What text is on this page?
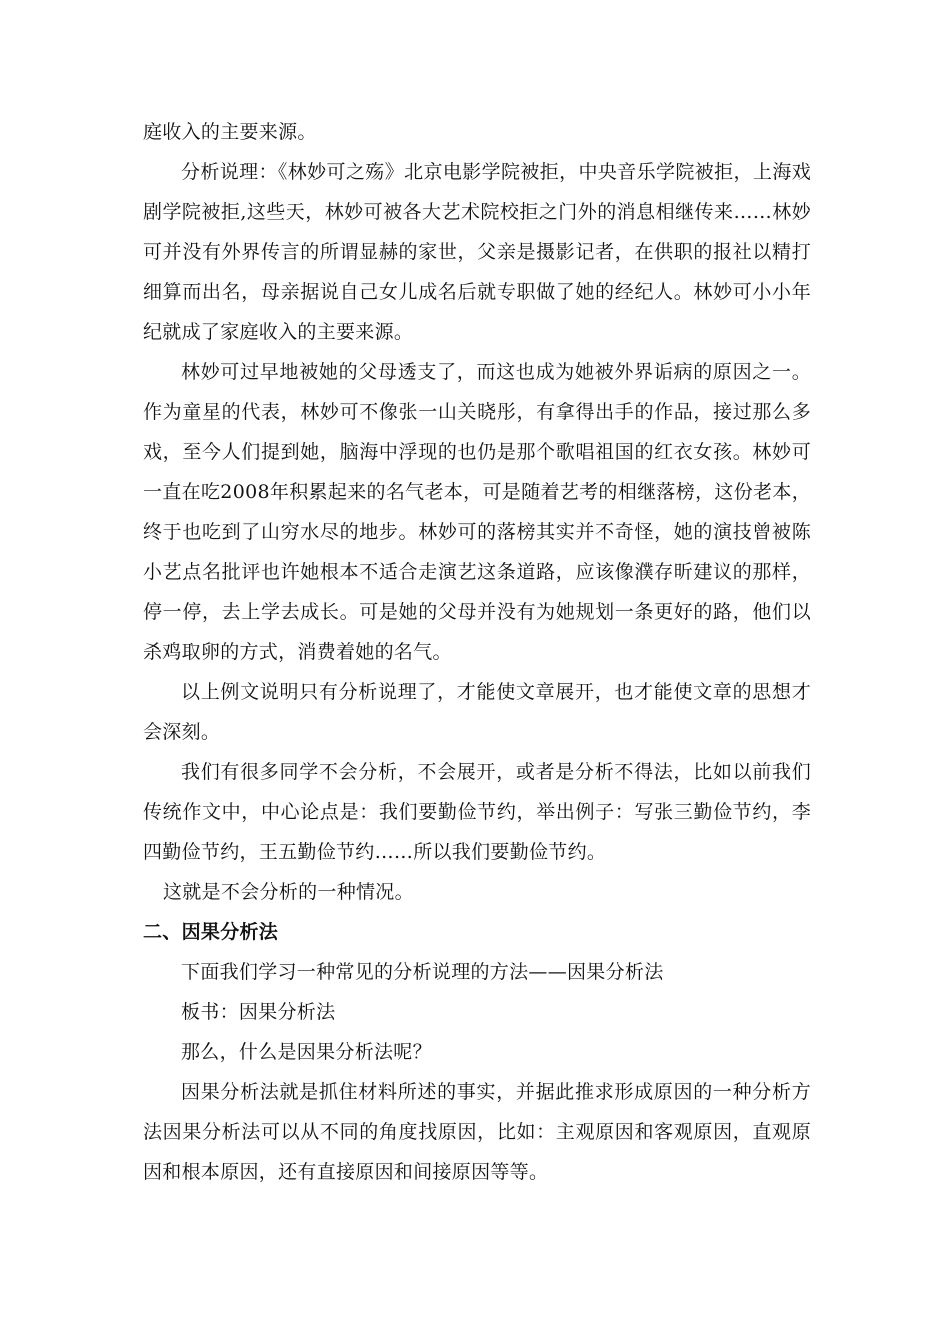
庭收入的主要来源。

分析说理：《林妙可之殇》北京电影学院被拒，中央音乐学院被拒，上海戏剧学院被拒,这些天，林妙可被各大艺术院校拒之门外的消息相继传来……林妙可并没有外界传言的所谓显赫的家世，父亲是摄影记者，在供职的报社以精打细算而出名，母亲据说自己女儿成名后就专职做了她的经纪人。林妙可小小年纪就成了家庭收入的主要来源。

林妙可过早地被她的父母透支了，而这也成为她被外界诟病的原因之一。作为童星的代表，林妙可不像张一山关晓彤，有拿得出手的作品，接过那么多戏，至今人们提到她，脑海中浮现的也仍是那个歌唱祖国的红衣女孩。林妙可一直在吃2008年积累起来的名气老本，可是随着艺考的相继落榜，这份老本，终于也吃到了山穷水尽的地步。林妙可的落榜其实并不奇怪，她的演技曾被陈小艺点名批评也许她根本不适合走演艺这条道路，应该像濮存昕建议的那样，停一停，去上学去成长。可是她的父母并没有为她规划一条更好的路，他们以杀鸡取卵的方式，消费着她的名气。

以上例文说明只有分析说理了，才能使文章展开，也才能使文章的思想才会深刻。

我们有很多同学不会分析，不会展开，或者是分析不得法，比如以前我们传统作文中，中心论点是：我们要勤俭节约，举出例子：写张三勤俭节约，李四勤俭节约，王五勤俭节约……所以我们要勤俭节约。

这就是不会分析的一种情况。

二、因果分析法

下面我们学习一种常见的分析说理的方法——因果分析法

板书：因果分析法

那么，什么是因果分析法呢？

因果分析法就是抓住材料所述的事实，并据此推求形成原因的一种分析方法因果分析法可以从不同的角度找原因，比如：主观原因和客观原因，直观原因和根本原因，还有直接原因和间接原因等等。
